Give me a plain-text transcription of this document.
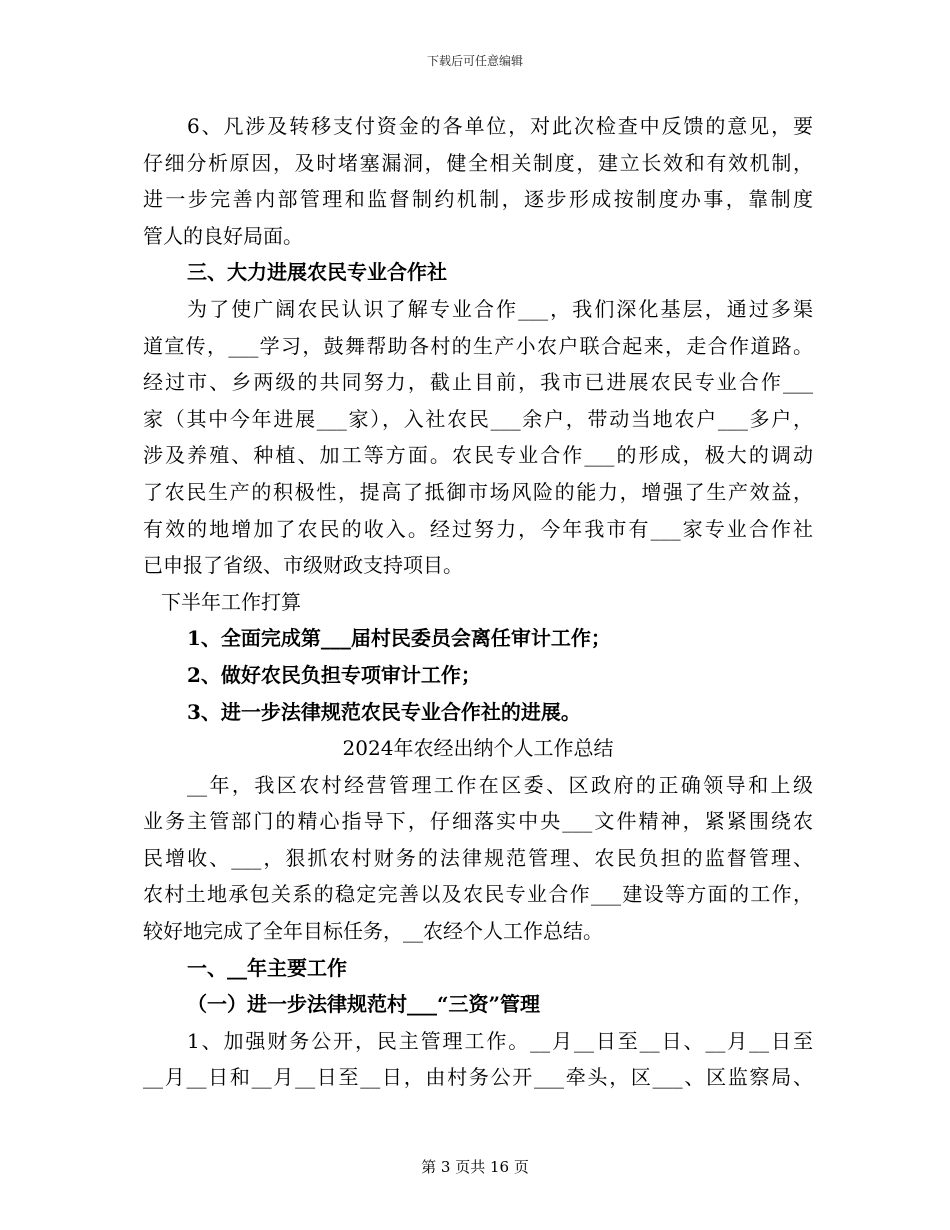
下载后可任意编辑
6、凡涉及转移支付资金的各单位，对此次检查中反馈的意见，要
仔细分析原因，及时堵塞漏洞，健全相关制度，建立长效和有效机制，
进一步完善内部管理和监督制约机制，逐步形成按制度办事，靠制度
管人的良好局面。
三、大力进展农民专业合作社
为了使广阔农民认识了解专业合作___，我们深化基层，通过多渠
道宣传，___学习，鼓舞帮助各村的生产小农户联合起来，走合作道路。
经过市、乡两级的共同努力，截止目前，我市已进展农民专业合作___
家（其中今年进展___家），入社农民___余户，带动当地农户___多户，
涉及养殖、种植、加工等方面。农民专业合作___的形成，极大的调动
了农民生产的积极性，提高了抵御市场风险的能力，增强了生产效益，
有效的地增加了农民的收入。经过努力，今年我市有___家专业合作社
已申报了省级、市级财政支持项目。
下半年工作打算
1、全面完成第___届村民委员会离任审计工作；
2、做好农民负担专项审计工作；
3、进一步法律规范农民专业合作社的进展。
2024年农经出纳个人工作总结
__年，我区农村经营管理工作在区委、区政府的正确领导和上级
业务主管部门的精心指导下，仔细落实中央___文件精神，紧紧围绕农
民增收、___，狠抓农村财务的法律规范管理、农民负担的监督管理、
农村土地承包关系的稳定完善以及农民专业合作___建设等方面的工作，
较好地完成了全年目标任务，__农经个人工作总结。
一、__年主要工作
（一）进一步法律规范村___“三资”管理
1、加强财务公开，民主管理工作。__月__日至__日、__月__日至
__月__日和__月__日至__日，由村务公开___牵头，区___、区监察局、
第 3 页共 16 页
